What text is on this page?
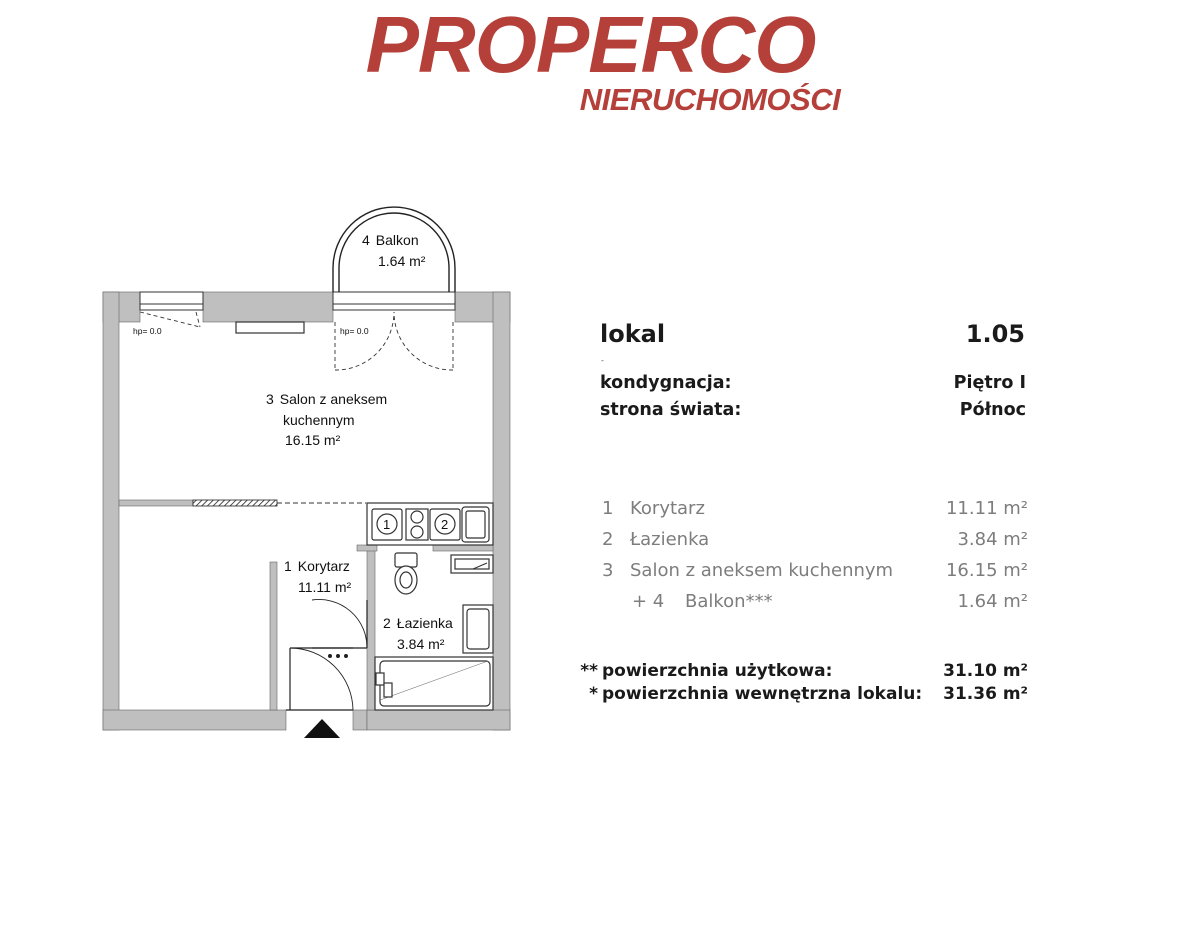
PROPERCO
NIERUCHOMOŚCI
1	2
4 Balkon
1.64 m²
3 Salon z aneksem
kuchennym
16.15 m²
1 Korytarz
11.11 m²
2 Łazienka
3.84 m²
hp= 0.0	hp= 0.0	lokal	1.05
-
kondygnacja:	Piętro I
strona świata:	Północ
1 Korytarz	11.11 m²
2 Łazienka	3.84 m²
3 Salon z aneksem kuchennym	16.15 m²
+ 4 Balkon***	1.64 m²
** powierzchnia użytkowa:	31.10 m²
* powierzchnia wewnętrzna lokalu:	31.36 m²
